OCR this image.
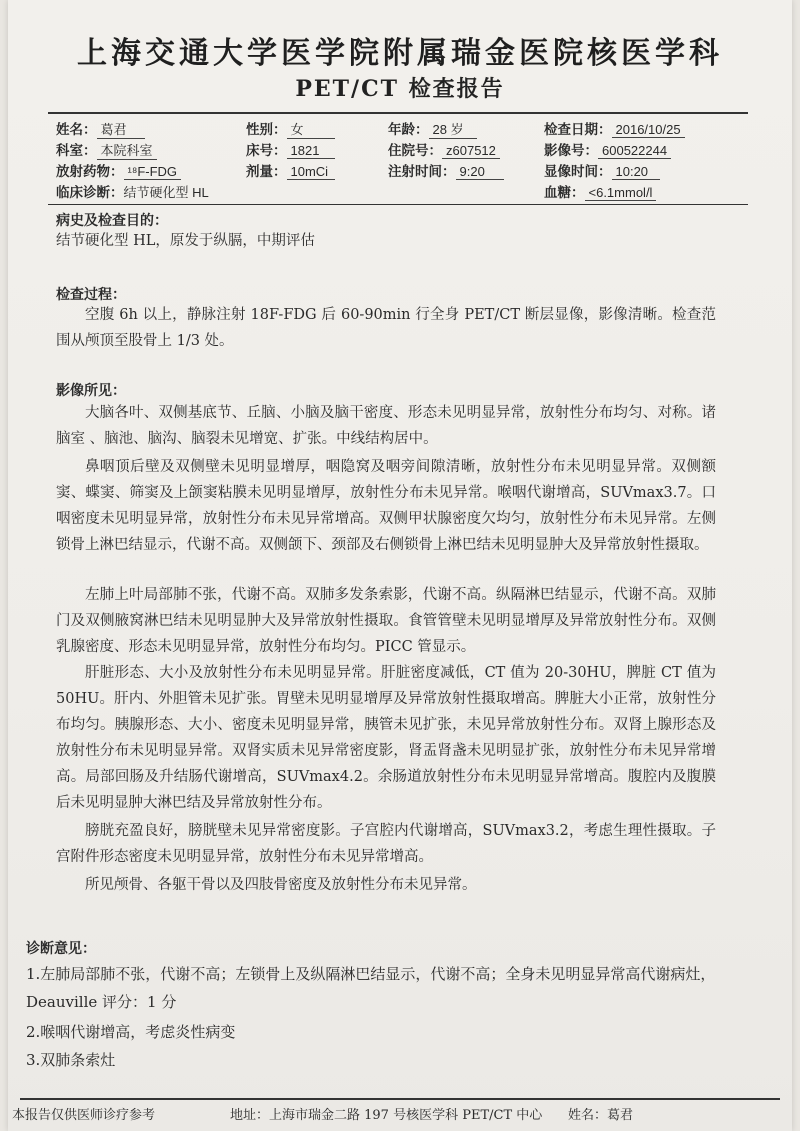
上海交通大学医学院附属瑞金医院核医学科
PET/CT 检查报告
姓名： 葛君	性别： 女	年龄： 28 岁	检查日期： 2016/10/25
科室： 本院科室	床号： 1821	住院号： z607512	影像号： 600522244
放射药物： ¹⁸F-FDG	剂量： 10mCi	注射时间： 9:20	显像时间： 10:20
临床诊断：结节硬化型 HL	血糖： <6.1mmol/l
病史及检查目的：
结节硬化型 HL，原发于纵膈，中期评估
检查过程：
空腹 6h 以上，静脉注射 18F-FDG 后 60-90min 行全身 PET/CT 断层显像，影像清晰。检查范围从颅顶至股骨上 1/3 处。
影像所见：
大脑各叶、双侧基底节、丘脑、小脑及脑干密度、形态未见明显异常，放射性分布均匀、对称。诸脑室 、脑池、脑沟、脑裂未见增宽、扩张。中线结构居中。
鼻咽顶后壁及双侧壁未见明显增厚，咽隐窝及咽旁间隙清晰，放射性分布未见明显异常。双侧额窦、蝶窦、筛窦及上颌窦粘膜未见明显增厚，放射性分布未见异常。喉咽代谢增高，SUVmax3.7。口咽密度未见明显异常，放射性分布未见异常增高。双侧甲状腺密度欠均匀，放射性分布未见异常。左侧锁骨上淋巴结显示，代谢不高。双侧颌下、颈部及右侧锁骨上淋巴结未见明显肿大及异常放射性摄取。
左肺上叶局部肺不张，代谢不高。双肺多发条索影，代谢不高。纵隔淋巴结显示，代谢不高。双肺门及双侧腋窝淋巴结未见明显肿大及异常放射性摄取。食管管壁未见明显增厚及异常放射性分布。双侧乳腺密度、形态未见明显异常，放射性分布均匀。PICC 管显示。
肝脏形态、大小及放射性分布未见明显异常。肝脏密度减低，CT 值为 20-30HU，脾脏 CT 值为 50HU。肝内、外胆管未见扩张。胃壁未见明显增厚及异常放射性摄取增高。脾脏大小正常，放射性分布均匀。胰腺形态、大小、密度未见明显异常，胰管未见扩张，未见异常放射性分布。双肾上腺形态及放射性分布未见明显异常。双肾实质未见异常密度影，肾盂肾盏未见明显扩张，放射性分布未见异常增高。局部回肠及升结肠代谢增高，SUVmax4.2。余肠道放射性分布未见明显异常增高。腹腔内及腹膜后未见明显肿大淋巴结及异常放射性分布。
膀胱充盈良好，膀胱壁未见异常密度影。子宫腔内代谢增高，SUVmax3.2，考虑生理性摄取。子宫附件形态密度未见明显异常，放射性分布未见异常增高。
所见颅骨、各躯干骨以及四肢骨密度及放射性分布未见异常。
诊断意见：
1.左肺局部肺不张，代谢不高；左锁骨上及纵隔淋巴结显示，代谢不高；全身未见明显异常高代谢病灶，Deauville 评分：1 分
2.喉咽代谢增高，考虑炎性病变
3.双肺条索灶
本报告仅供医师诊疗参考	地址：上海市瑞金二路 197 号核医学科 PET/CT 中心 姓名：葛君
